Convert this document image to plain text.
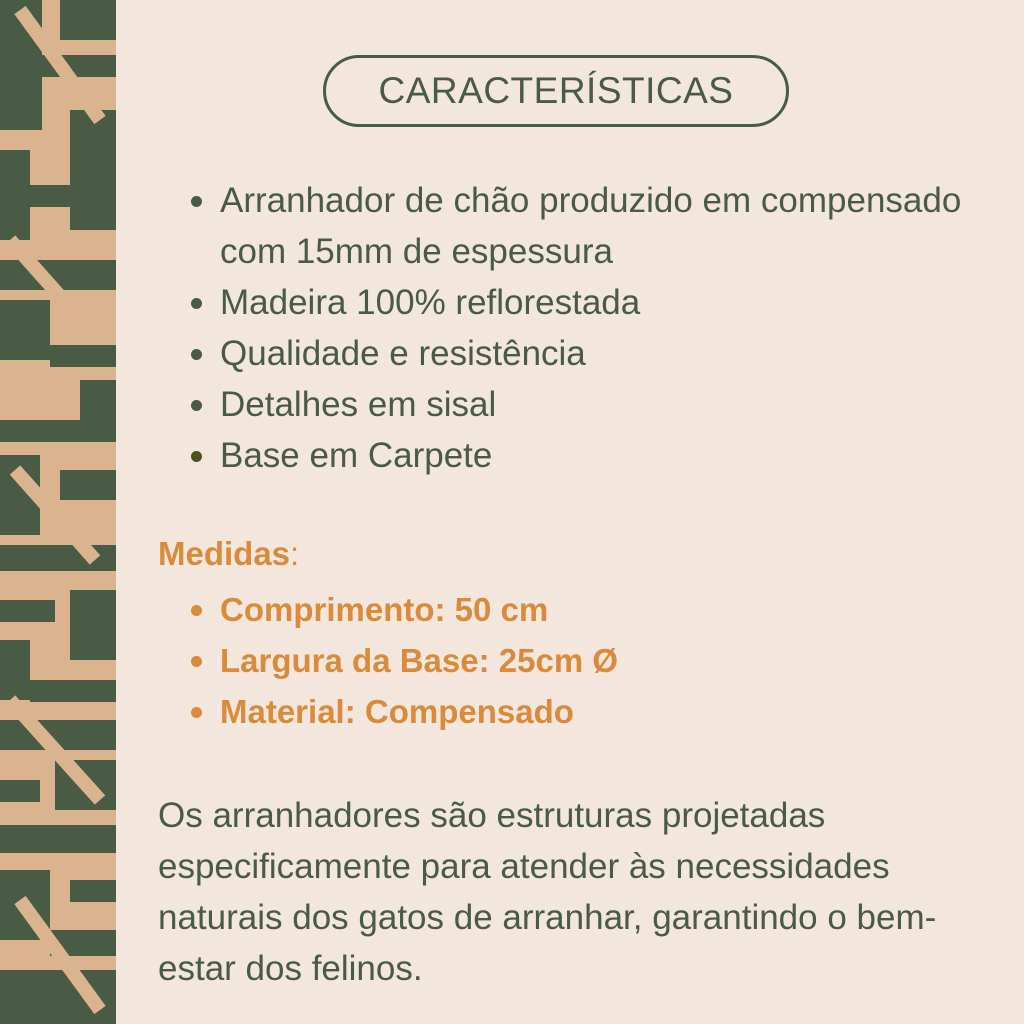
CARACTERÍSTICAS
Arranhador de chão produzido em compensado com 15mm de espessura
Madeira 100% reflorestada
Qualidade e resistência
Detalhes em sisal
Base em Carpete
Medidas:
Comprimento: 50 cm
Largura da Base: 25cm Ø
Material: Compensado

Os arranhadores são estruturas projetadas especificamente para atender às necessidades naturais dos gatos de arranhar, garantindo o bem-estar dos felinos.
